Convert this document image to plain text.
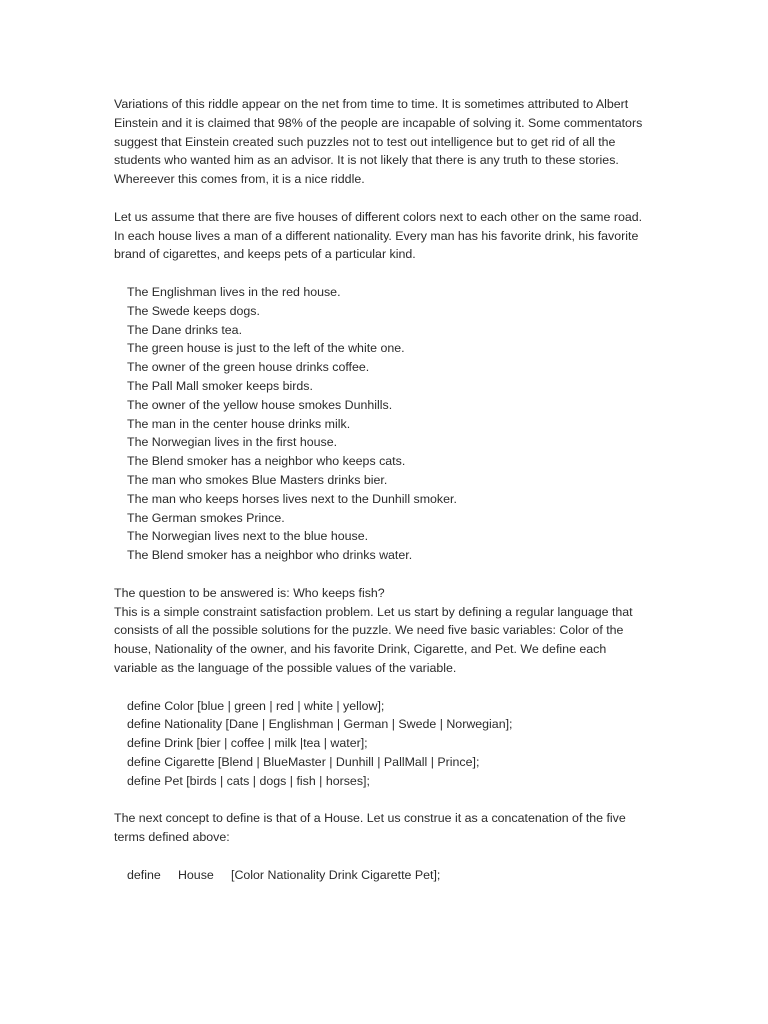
Variations of this riddle appear on the net from time to time. It is sometimes attributed to Albert
Einstein and it is claimed that 98% of the people are incapable of solving it. Some commentators
suggest that Einstein created such puzzles not to test out intelligence but to get rid of all the
students who wanted him as an advisor. It is not likely that there is any truth to these stories.
Whereever this comes from, it is a nice riddle.

Let us assume that there are five houses of different colors next to each other on the same road.
In each house lives a man of a different nationality. Every man has his favorite drink, his favorite
brand of cigarettes, and keeps pets of a particular kind.

The Englishman lives in the red house.
The Swede keeps dogs.
The Dane drinks tea.
The green house is just to the left of the white one.
The owner of the green house drinks coffee.
The Pall Mall smoker keeps birds.
The owner of the yellow house smokes Dunhills.
The man in the center house drinks milk.
The Norwegian lives in the first house.
The Blend smoker has a neighbor who keeps cats.
The man who smokes Blue Masters drinks bier.
The man who keeps horses lives next to the Dunhill smoker.
The German smokes Prince.
The Norwegian lives next to the blue house.
The Blend smoker has a neighbor who drinks water.

The question to be answered is: Who keeps fish?
This is a simple constraint satisfaction problem. Let us start by defining a regular language that
consists of all the possible solutions for the puzzle. We need five basic variables: Color of the
house, Nationality of the owner, and his favorite Drink, Cigarette, and Pet. We define each
variable as the language of the possible values of the variable.

define Color [blue | green | red | white | yellow];
define Nationality [Dane | Englishman | German | Swede | Norwegian];
define Drink [bier | coffee | milk |tea | water];
define Cigarette [Blend | BlueMaster | Dunhill | PallMall | Prince];
define Pet [birds | cats | dogs | fish | horses];

The next concept to define is that of a House. Let us construe it as a concatenation of the five
terms defined above:

define     House     [Color Nationality Drink Cigarette Pet];
